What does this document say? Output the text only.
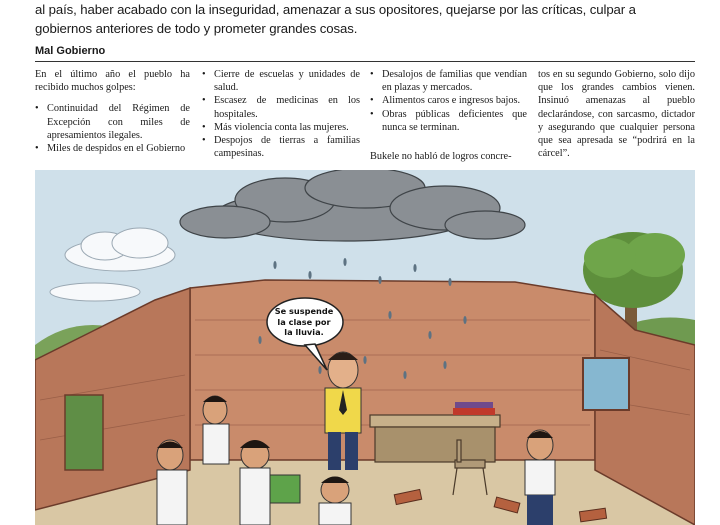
al país, haber acabado con la inseguridad, amenazar a sus opositores, quejarse por las críticas, culpar a gobiernos anteriores de todo y prometer grandes cosas.

Mal Gobierno

En el último año el pueblo ha recibido muchos golpes:

• Continuidad del Régimen de Excepción con miles de apresamientos ilegales.
• Miles de despidos en el Gobierno
• Cierre de escuelas y unidades de salud.
• Escasez de medicinas en los hospitales.
• Más violencia conta las mujeres.
• Despojos de tierras a familias campesinas.
• Desalojos de familias que vendían en plazas y mercados.
• Alimentos caros e ingresos bajos.
• Obras públicas deficientes que nunca se terminan.

Bukele no habló de logros concre-

tos en su segundo Gobierno, solo dijo que los grandes cambios vienen. Insinuó amenazas al pueblo declarándose, con sarcasmo, dictador y asegurando que cualquier persona que sea apresada se “podrirá en la cárcel”.

Se suspende la clase por la lluvia.
